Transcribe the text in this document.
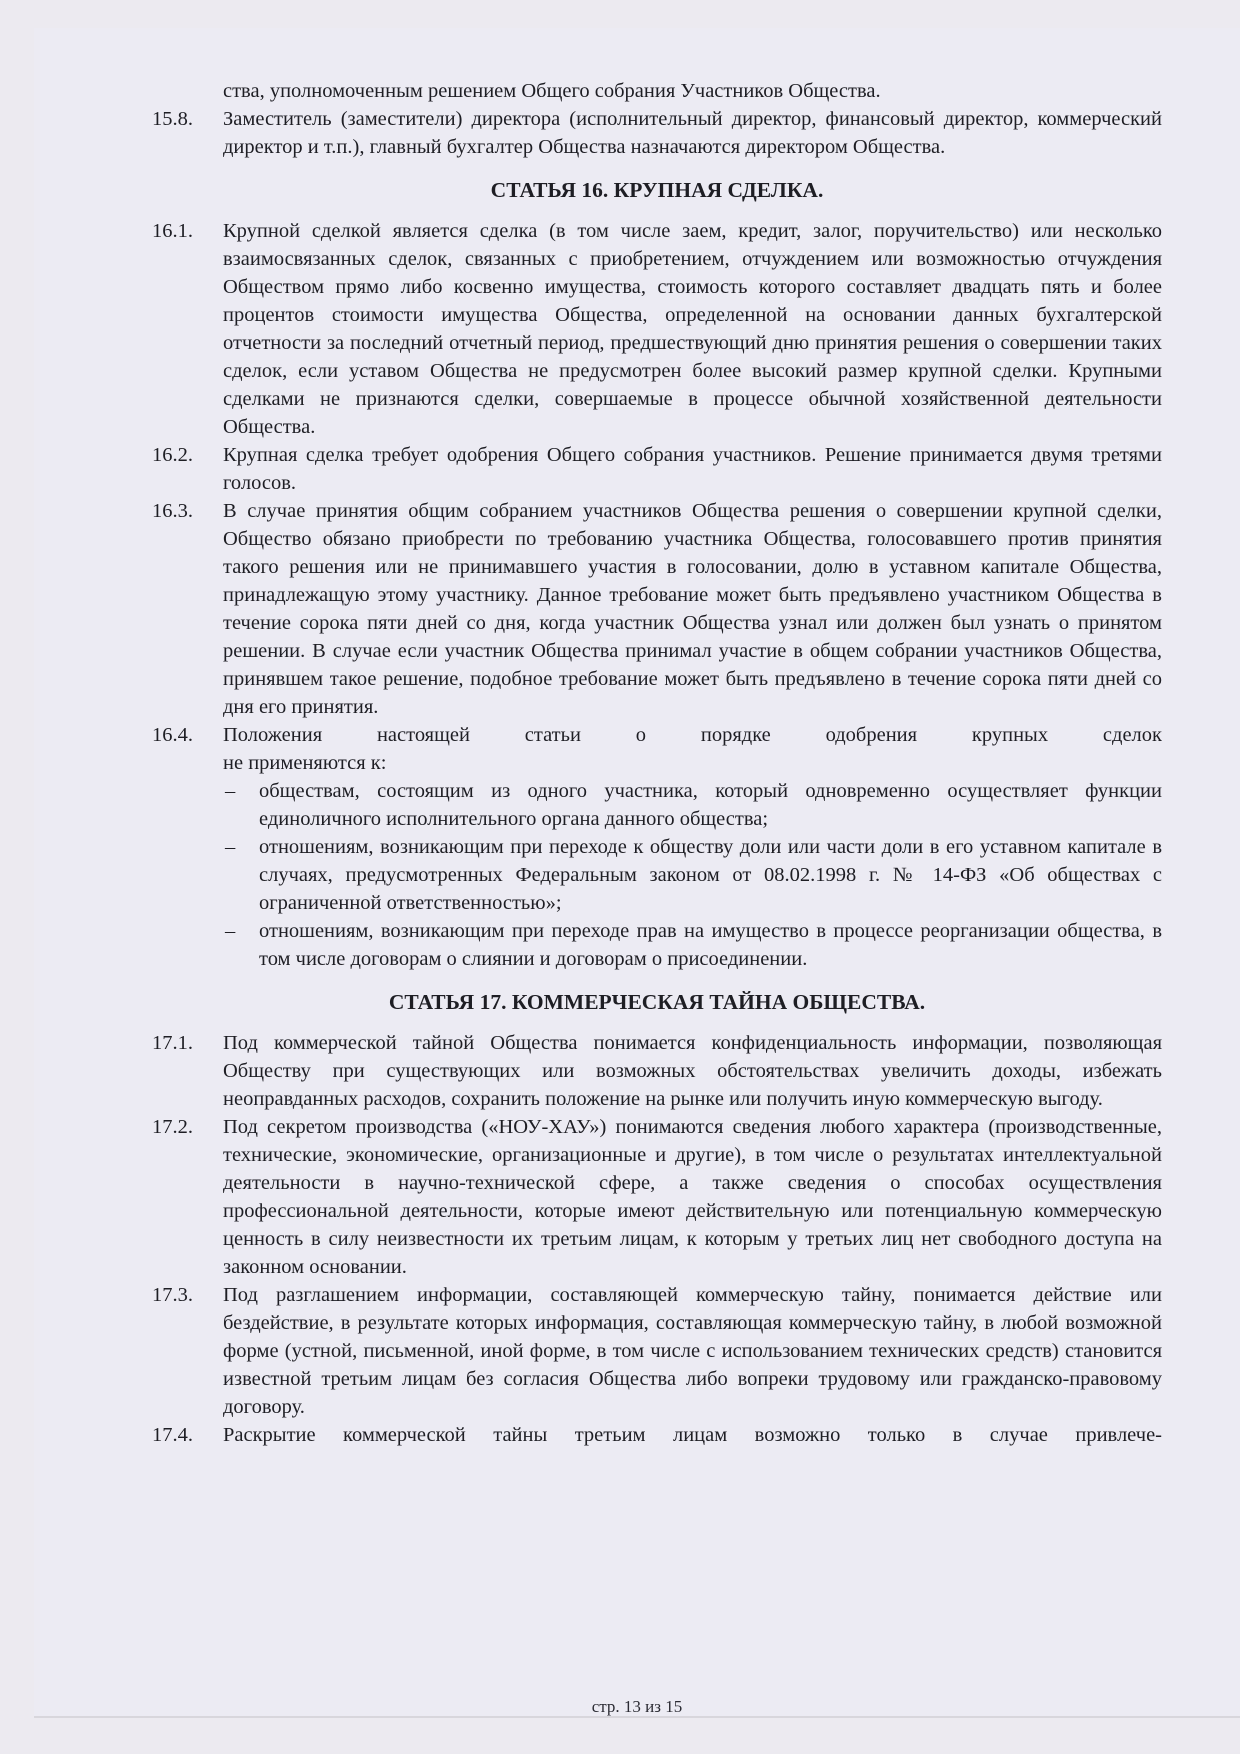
ства, уполномоченным решением Общего собрания Участников Общества.

15.8.	Заместитель (заместители) директора (исполнительный директор, финансовый директор, коммерческий директор и т.п.), главный бухгалтер Общества назначаются директором Общества.
СТАТЬЯ 16. КРУПНАЯ СДЕЛКА.
16.1.	Крупной сделкой является сделка (в том числе заем, кредит, залог, поручительство) или несколько взаимосвязанных сделок, связанных с приобретением, отчуждением или возможностью отчуждения Обществом прямо либо косвенно имущества, стоимость которого составляет двадцать пять и более процентов стоимости имущества Общества, определенной на основании данных бухгалтерской отчетности за последний отчетный период, предшествующий дню принятия решения о совершении таких сделок, если уставом Общества не предусмотрен более высокий размер крупной сделки. Крупными сделками не признаются сделки, совершаемые в процессе обычной хозяйственной деятельности Общества.
16.2.	Крупная сделка требует одобрения Общего собрания участников. Решение принимается двумя третями голосов.
16.3.	В случае принятия общим собранием участников Общества решения о совершении крупной сделки, Общество обязано приобрести по требованию участника Общества, голосовавшего против принятия такого решения или не принимавшего участия в голосовании, долю в уставном капитале Общества, принадлежащую этому участнику. Данное требование может быть предъявлено участником Общества в течение сорока пяти дней со дня, когда участник Общества узнал или должен был узнать о принятом решении. В случае если участник Общества принимал участие в общем собрании участников Общества, принявшем такое решение, подобное требование может быть предъявлено в течение сорока пяти дней со дня его принятия.
16.4.	Положения настоящей статьи о порядке одобрения крупных сделок
не применяются к:
–	обществам, состоящим из одного участника, который одновременно осуществляет функции единоличного исполнительного органа данного общества;
–	отношениям, возникающим при переходе к обществу доли или части доли в его уставном капитале в случаях, предусмотренных Федеральным законом от 08.02.1998 г. № 14-ФЗ «Об обществах с ограниченной ответственностью»;
–	отношениям, возникающим при переходе прав на имущество в процессе реорганизации общества, в том числе договорам о слиянии и договорам о присоединении.
СТАТЬЯ 17. КОММЕРЧЕСКАЯ ТАЙНА ОБЩЕСТВА.
17.1.	Под коммерческой тайной Общества понимается конфиденциальность информации, позволяющая Обществу при существующих или возможных обстоятельствах увеличить доходы, избежать неоправданных расходов, сохранить положение на рынке или получить иную коммерческую выгоду.
17.2.	Под секретом производства («НОУ-ХАУ») понимаются сведения любого характера (производственные, технические, экономические, организационные и другие), в том числе о результатах интеллектуальной деятельности в научно-технической сфере, а также сведения о способах осуществления профессиональной деятельности, которые имеют действительную или потенциальную коммерческую ценность в силу неизвестности их третьим лицам, к которым у третьих лиц нет свободного доступа на законном основании.
17.3.	Под разглашением информации, составляющей коммерческую тайну, понимается действие или бездействие, в результате которых информация, составляющая коммерческую тайну, в любой возможной форме (устной, письменной, иной форме, в том числе с использованием технических средств) становится известной третьим лицам без согласия Общества либо вопреки трудовому или гражданско-правовому договору.
17.4.	Раскрытие коммерческой тайны третьим лицам возможно только в случае привлече-
стр. 13 из 15
